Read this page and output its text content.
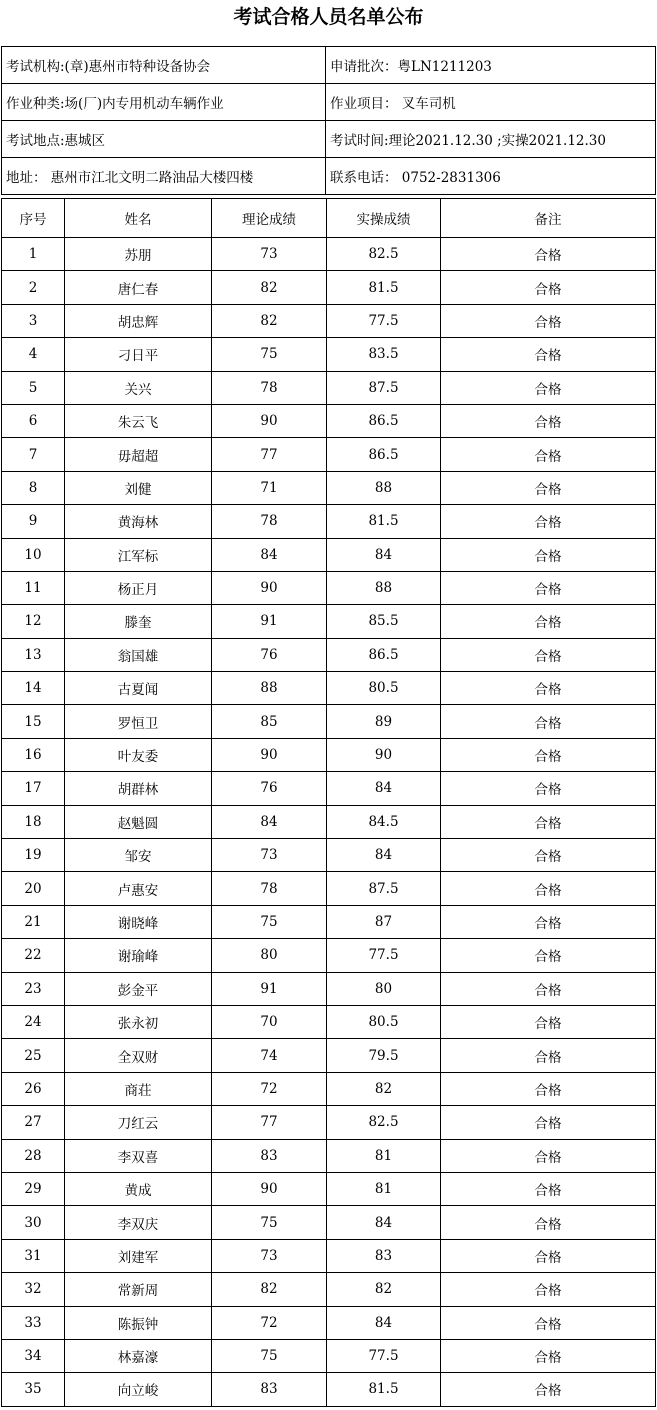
考试合格人员名单公布
考试机构:(章)惠州市特种设备协会	申请批次：粤LN1211203
作业种类:场(厂)内专用机动车辆作业	作业项目： 叉车司机
考试地点:惠城区	考试时间:理论2021.12.30 ;实操2021.12.30
地址： 惠州市江北文明二路油品大楼四楼	联系电话： 0752-2831306
序号	姓名	理论成绩	实操成绩	备注
1	苏朋	73	82.5	合格
2	唐仁春	82	81.5	合格
3	胡忠辉	82	77.5	合格
4	刁日平	75	83.5	合格
5	关兴	78	87.5	合格
6	朱云飞	90	86.5	合格
7	毋超超	77	86.5	合格
8	刘健	71	88	合格
9	黄海林	78	81.5	合格
10	江军标	84	84	合格
11	杨正月	90	88	合格
12	滕奎	91	85.5	合格
13	翁国雄	76	86.5	合格
14	古夏闻	88	80.5	合格
15	罗恒卫	85	89	合格
16	叶友委	90	90	合格
17	胡群林	76	84	合格
18	赵魁圆	84	84.5	合格
19	邹安	73	84	合格
20	卢惠安	78	87.5	合格
21	谢晓峰	75	87	合格
22	谢瑜峰	80	77.5	合格
23	彭金平	91	80	合格
24	张永初	70	80.5	合格
25	全双财	74	79.5	合格
26	商荘	72	82	合格
27	刀红云	77	82.5	合格
28	李双喜	83	81	合格
29	黄成	90	81	合格
30	李双庆	75	84	合格
31	刘建军	73	83	合格
32	常新周	82	82	合格
33	陈振钟	72	84	合格
34	林嘉濠	75	77.5	合格
35	向立峻	83	81.5	合格
